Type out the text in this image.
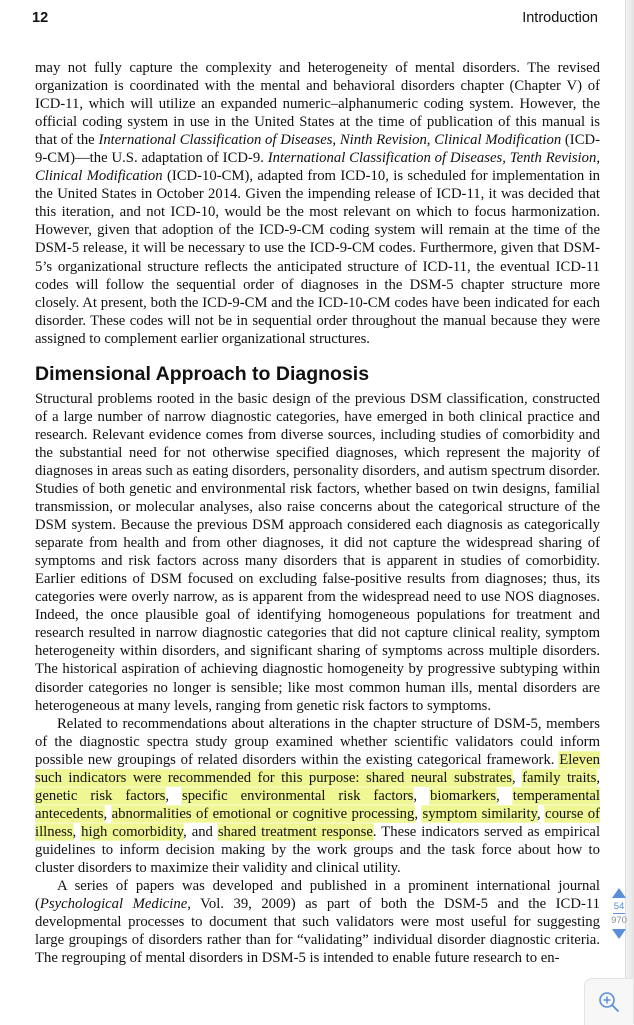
12	Introduction

may not fully capture the complexity and heterogeneity of mental disorders. The revised organization is coordinated with the mental and behavioral disorders chapter (Chapter V) of ICD-11, which will utilize an expanded numeric–alphanumeric coding system. However, the official coding system in use in the United States at the time of publication of this manual is that of the International Classification of Diseases, Ninth Revision, Clinical Modification (ICD-9-CM)—the U.S. adaptation of ICD-9. International Classification of Diseases, Tenth Revision, Clinical Modification (ICD-10-CM), adapted from ICD-10, is scheduled for implementation in the United States in October 2014. Given the impending release of ICD-11, it was decided that this iteration, and not ICD-10, would be the most relevant on which to focus harmonization. However, given that adoption of the ICD-9-CM coding system will remain at the time of the DSM-5 release, it will be necessary to use the ICD-9-CM codes. Furthermore, given that DSM-5’s organizational structure reflects the anticipated structure of ICD-11, the eventual ICD-11 codes will follow the sequential order of diagnoses in the DSM-5 chapter structure more closely. At present, both the ICD-9-CM and the ICD-10-CM codes have been indicated for each disorder. These codes will not be in sequential order throughout the manual because they were assigned to complement earlier organizational structures.

Dimensional Approach to Diagnosis

Structural problems rooted in the basic design of the previous DSM classification, constructed of a large number of narrow diagnostic categories, have emerged in both clinical practice and research. Relevant evidence comes from diverse sources, including studies of comorbidity and the substantial need for not otherwise specified diagnoses, which represent the majority of diagnoses in areas such as eating disorders, personality disorders, and autism spectrum disorder. Studies of both genetic and environmental risk factors, whether based on twin designs, familial transmission, or molecular analyses, also raise concerns about the categorical structure of the DSM system. Because the previous DSM approach considered each diagnosis as categorically separate from health and from other diagnoses, it did not capture the widespread sharing of symptoms and risk factors across many disorders that is apparent in studies of comorbidity. Earlier editions of DSM focused on excluding false-positive results from diagnoses; thus, its categories were overly narrow, as is apparent from the widespread need to use NOS diagnoses. Indeed, the once plausible goal of identifying homogeneous populations for treatment and research resulted in narrow diagnostic categories that did not capture clinical reality, symptom heterogeneity within disorders, and significant sharing of symptoms across multiple disorders. The historical aspiration of achieving diagnostic homogeneity by progressive subtyping within disorder categories no longer is sensible; like most common human ills, mental disorders are heterogeneous at many levels, ranging from genetic risk factors to symptoms.

Related to recommendations about alterations in the chapter structure of DSM-5, members of the diagnostic spectra study group examined whether scientific validators could inform possible new groupings of related disorders within the existing categorical framework. Eleven such indicators were recommended for this purpose: shared neural substrates, family traits, genetic risk factors, specific environmental risk factors, biomarkers, temperamental antecedents, abnormalities of emotional or cognitive processing, symptom similarity, course of illness, high comorbidity, and shared treatment response. These indicators served as empirical guidelines to inform decision making by the work groups and the task force about how to cluster disorders to maximize their validity and clinical utility.

A series of papers was developed and published in a prominent international journal (Psychological Medicine, Vol. 39, 2009) as part of both the DSM-5 and the ICD-11 developmental processes to document that such validators were most useful for suggesting large groupings of disorders rather than for “validating” individual disorder diagnostic criteria. The regrouping of mental disorders in DSM-5 is intended to enable future research to en-

54
970
